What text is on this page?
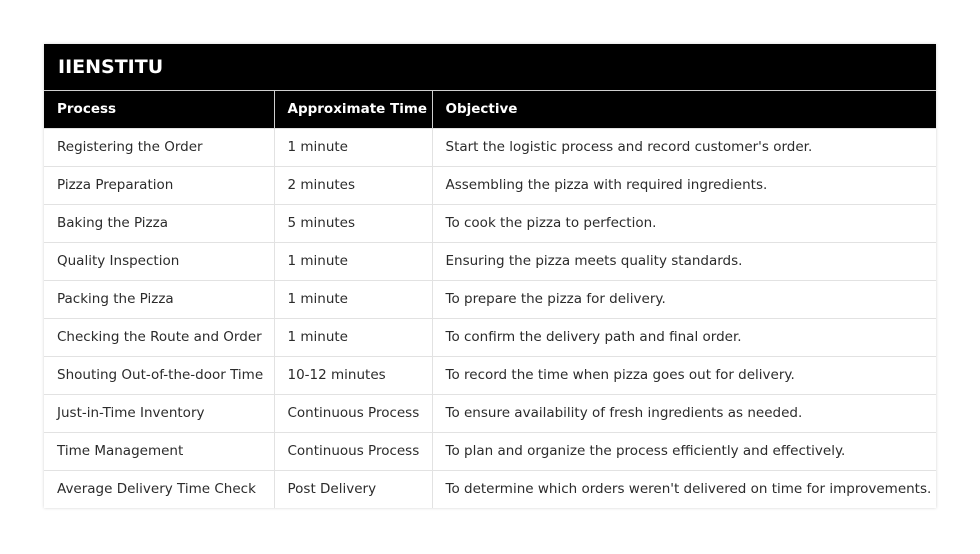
IIENSTITU
Process	Approximate Time	Objective
Registering the Order	1 minute	Start the logistic process and record customer's order.
Pizza Preparation	2 minutes	Assembling the pizza with required ingredients.
Baking the Pizza	5 minutes	To cook the pizza to perfection.
Quality Inspection	1 minute	Ensuring the pizza meets quality standards.
Packing the Pizza	1 minute	To prepare the pizza for delivery.
Checking the Route and Order	1 minute	To confirm the delivery path and final order.
Shouting Out-of-the-door Time	10-12 minutes	To record the time when pizza goes out for delivery.
Just-in-Time Inventory	Continuous Process	To ensure availability of fresh ingredients as needed.
Time Management	Continuous Process	To plan and organize the process efficiently and effectively.
Average Delivery Time Check	Post Delivery	To determine which orders weren't delivered on time for improvements.
